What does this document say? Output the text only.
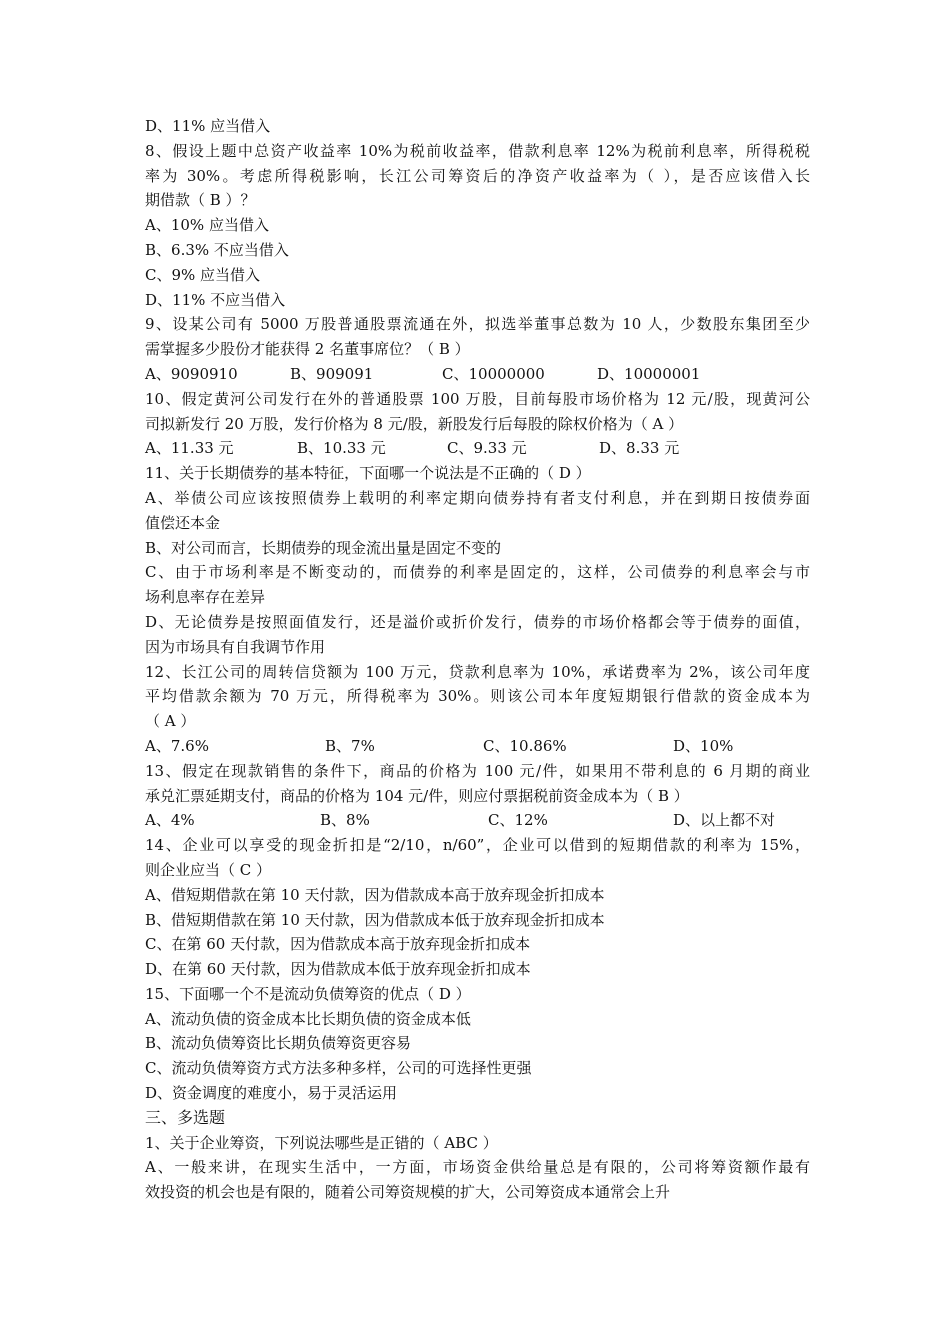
D、11% 应当借入
8、假设上题中总资产收益率 10%为税前收益率，借款利息率 12%为税前利息率，所得税税
率为 30%。考虑所得税影响，长江公司筹资后的净资产收益率为（ ），是否应该借入长
期借款（ B ）？
A、10% 应当借入
B、6.3% 不应当借入
C、9% 应当借入
D、11% 不应当借入
9、设某公司有 5000 万股普通股票流通在外，拟选举董事总数为 10 人，少数股东集团至少
需掌握多少股份才能获得 2 名董事席位？（ B ）
A、9090910	B、909091	C、10000000	D、10000001
10、假定黄河公司发行在外的普通股票 100 万股，目前每股市场价格为 12 元/股，现黄河公
司拟新发行 20 万股，发行价格为 8 元/股，新股发行后每股的除权价格为（ A ）
A、11.33 元	B、10.33 元	C、9.33 元	D、8.33 元
11、关于长期债券的基本特征，下面哪一个说法是不正确的（ D ）
A、举债公司应该按照债券上载明的利率定期向债券持有者支付利息，并在到期日按债券面
值偿还本金
B、对公司而言，长期债券的现金流出量是固定不变的
C、由于市场利率是不断变动的，而债券的利率是固定的，这样，公司债券的利息率会与市
场利息率存在差异
D、无论债券是按照面值发行，还是溢价或折价发行，债券的市场价格都会等于债券的面值，
因为市场具有自我调节作用
12、长江公司的周转信贷额为 100 万元，贷款利息率为 10%，承诺费率为 2%，该公司年度
平均借款余额为 70 万元，所得税率为 30%。则该公司本年度短期银行借款的资金成本为
（ A ）
A、7.6%	B、7%	C、10.86%	D、10%
13、假定在现款销售的条件下，商品的价格为 100 元/件，如果用不带利息的 6 月期的商业
承兑汇票延期支付，商品的价格为 104 元/件，则应付票据税前资金成本为（ B ）
A、4%	B、8%	C、12%	D、以上都不对
14、企业可以享受的现金折扣是“2/10，n/60”，企业可以借到的短期借款的利率为 15%，
则企业应当（ C ）
A、借短期借款在第 10 天付款，因为借款成本高于放弃现金折扣成本
B、借短期借款在第 10 天付款，因为借款成本低于放弃现金折扣成本
C、在第 60 天付款，因为借款成本高于放弃现金折扣成本
D、在第 60 天付款，因为借款成本低于放弃现金折扣成本
15、下面哪一个不是流动负债筹资的优点（ D ）
A、流动负债的资金成本比长期负债的资金成本低
B、流动负债筹资比长期负债筹资更容易
C、流动负债筹资方式方法多种多样，公司的可选择性更强
D、资金调度的难度小，易于灵活运用
三、多选题
1、关于企业筹资，下列说法哪些是正错的（ ABC ）
A、一般来讲，在现实生活中，一方面，市场资金供给量总是有限的，公司将筹资额作最有
效投资的机会也是有限的，随着公司筹资规模的扩大，公司筹资成本通常会上升
